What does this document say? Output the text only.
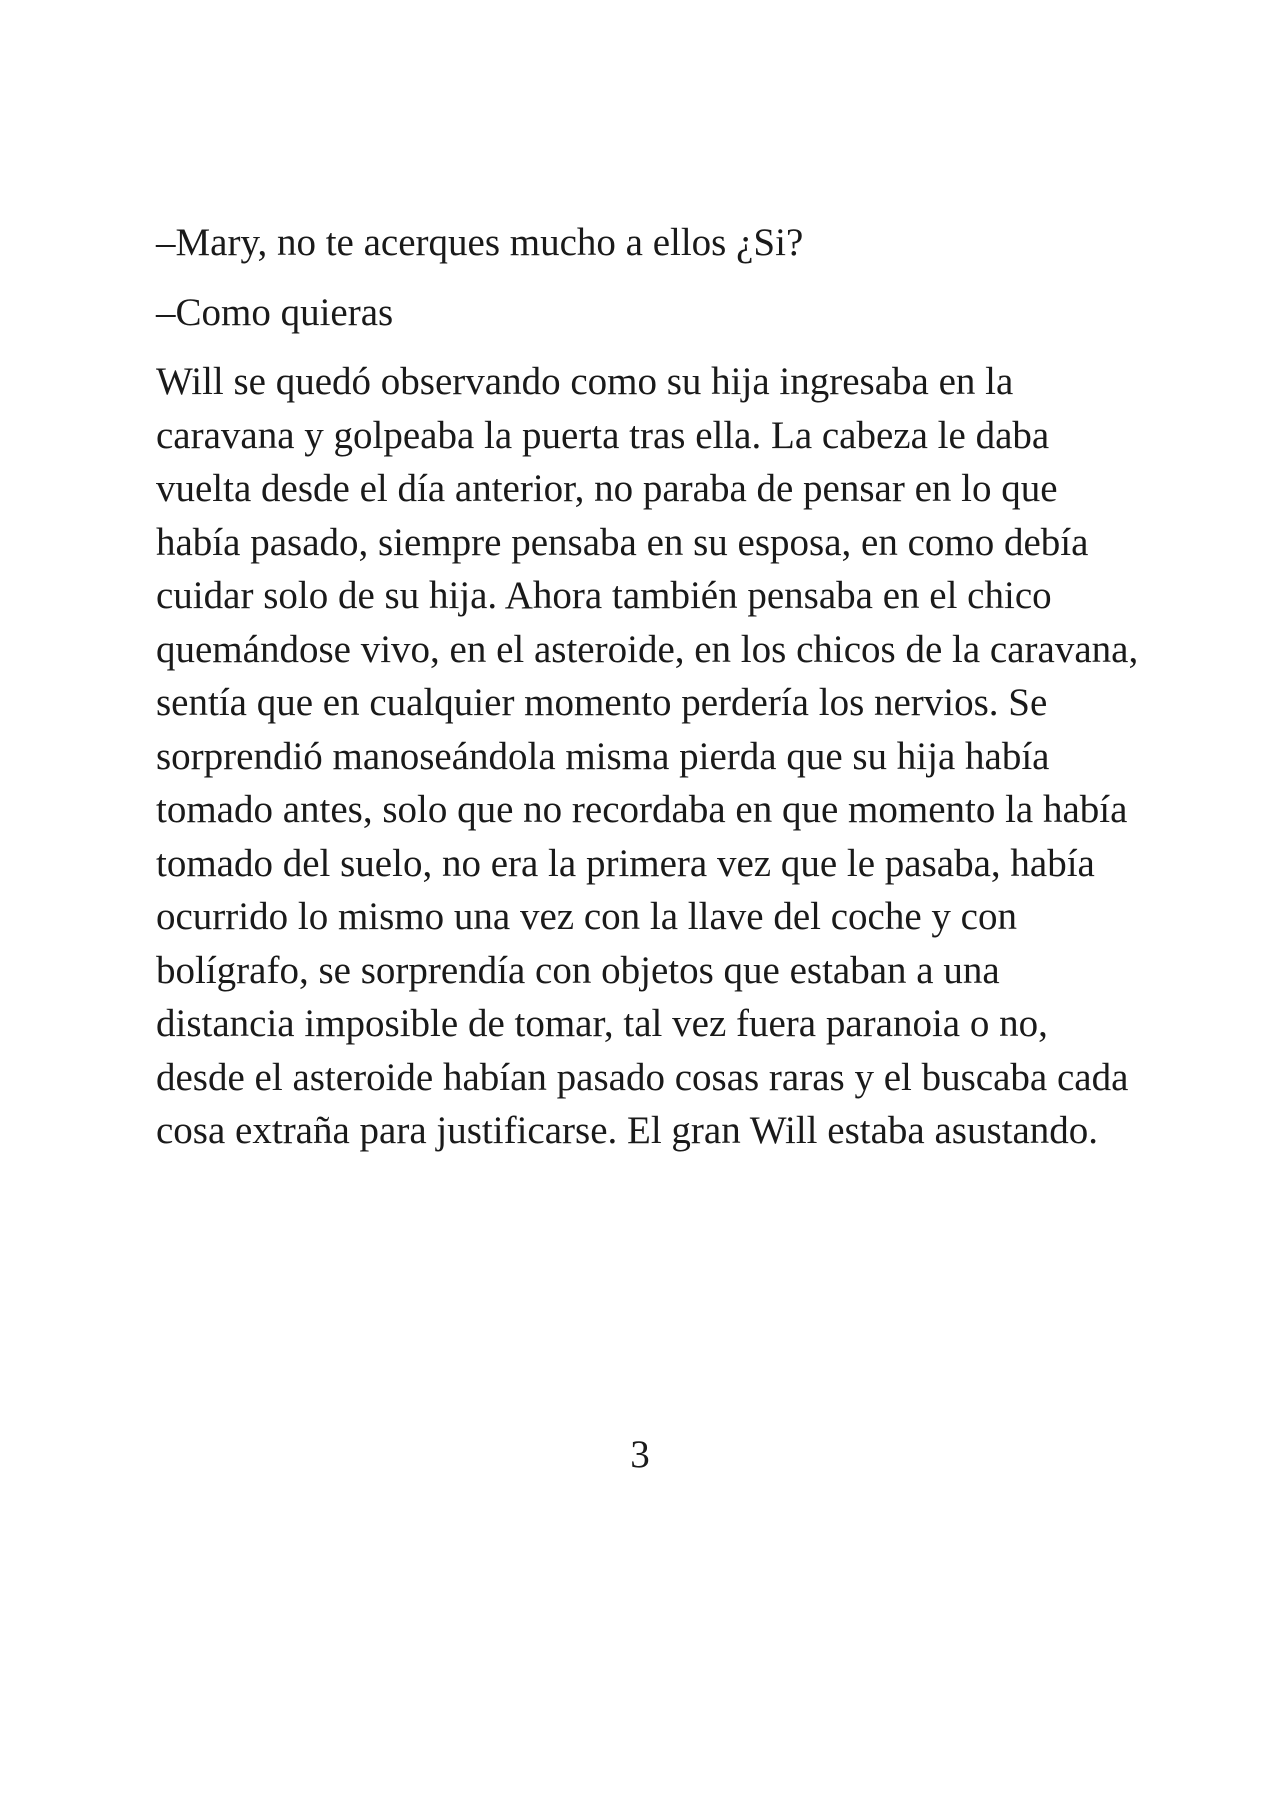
–Mary, no te acerques mucho a ellos ¿Si?

–Como quieras

Will se quedó observando como su hija ingresaba en la caravana y golpeaba la puerta tras ella. La cabeza le daba vuelta desde el día anterior, no paraba de pensar en lo que había pasado, siempre pensaba en su esposa, en como debía cuidar solo de su hija. Ahora también pensaba en el chico quemándose vivo, en el asteroide, en los chicos de la caravana, sentía que en cualquier momento perdería los nervios. Se sorprendió manoseándola misma pierda que su hija había tomado antes, solo que no recordaba en que momento la había tomado del suelo, no era la primera vez que le pasaba, había ocurrido lo mismo una vez con la llave del coche y con bolígrafo, se sorprendía con objetos que estaban a una distancia imposible de tomar, tal vez fuera paranoia o no, desde el asteroide habían pasado cosas raras y el buscaba cada cosa extraña para justificarse. El gran Will estaba asustando.

3
